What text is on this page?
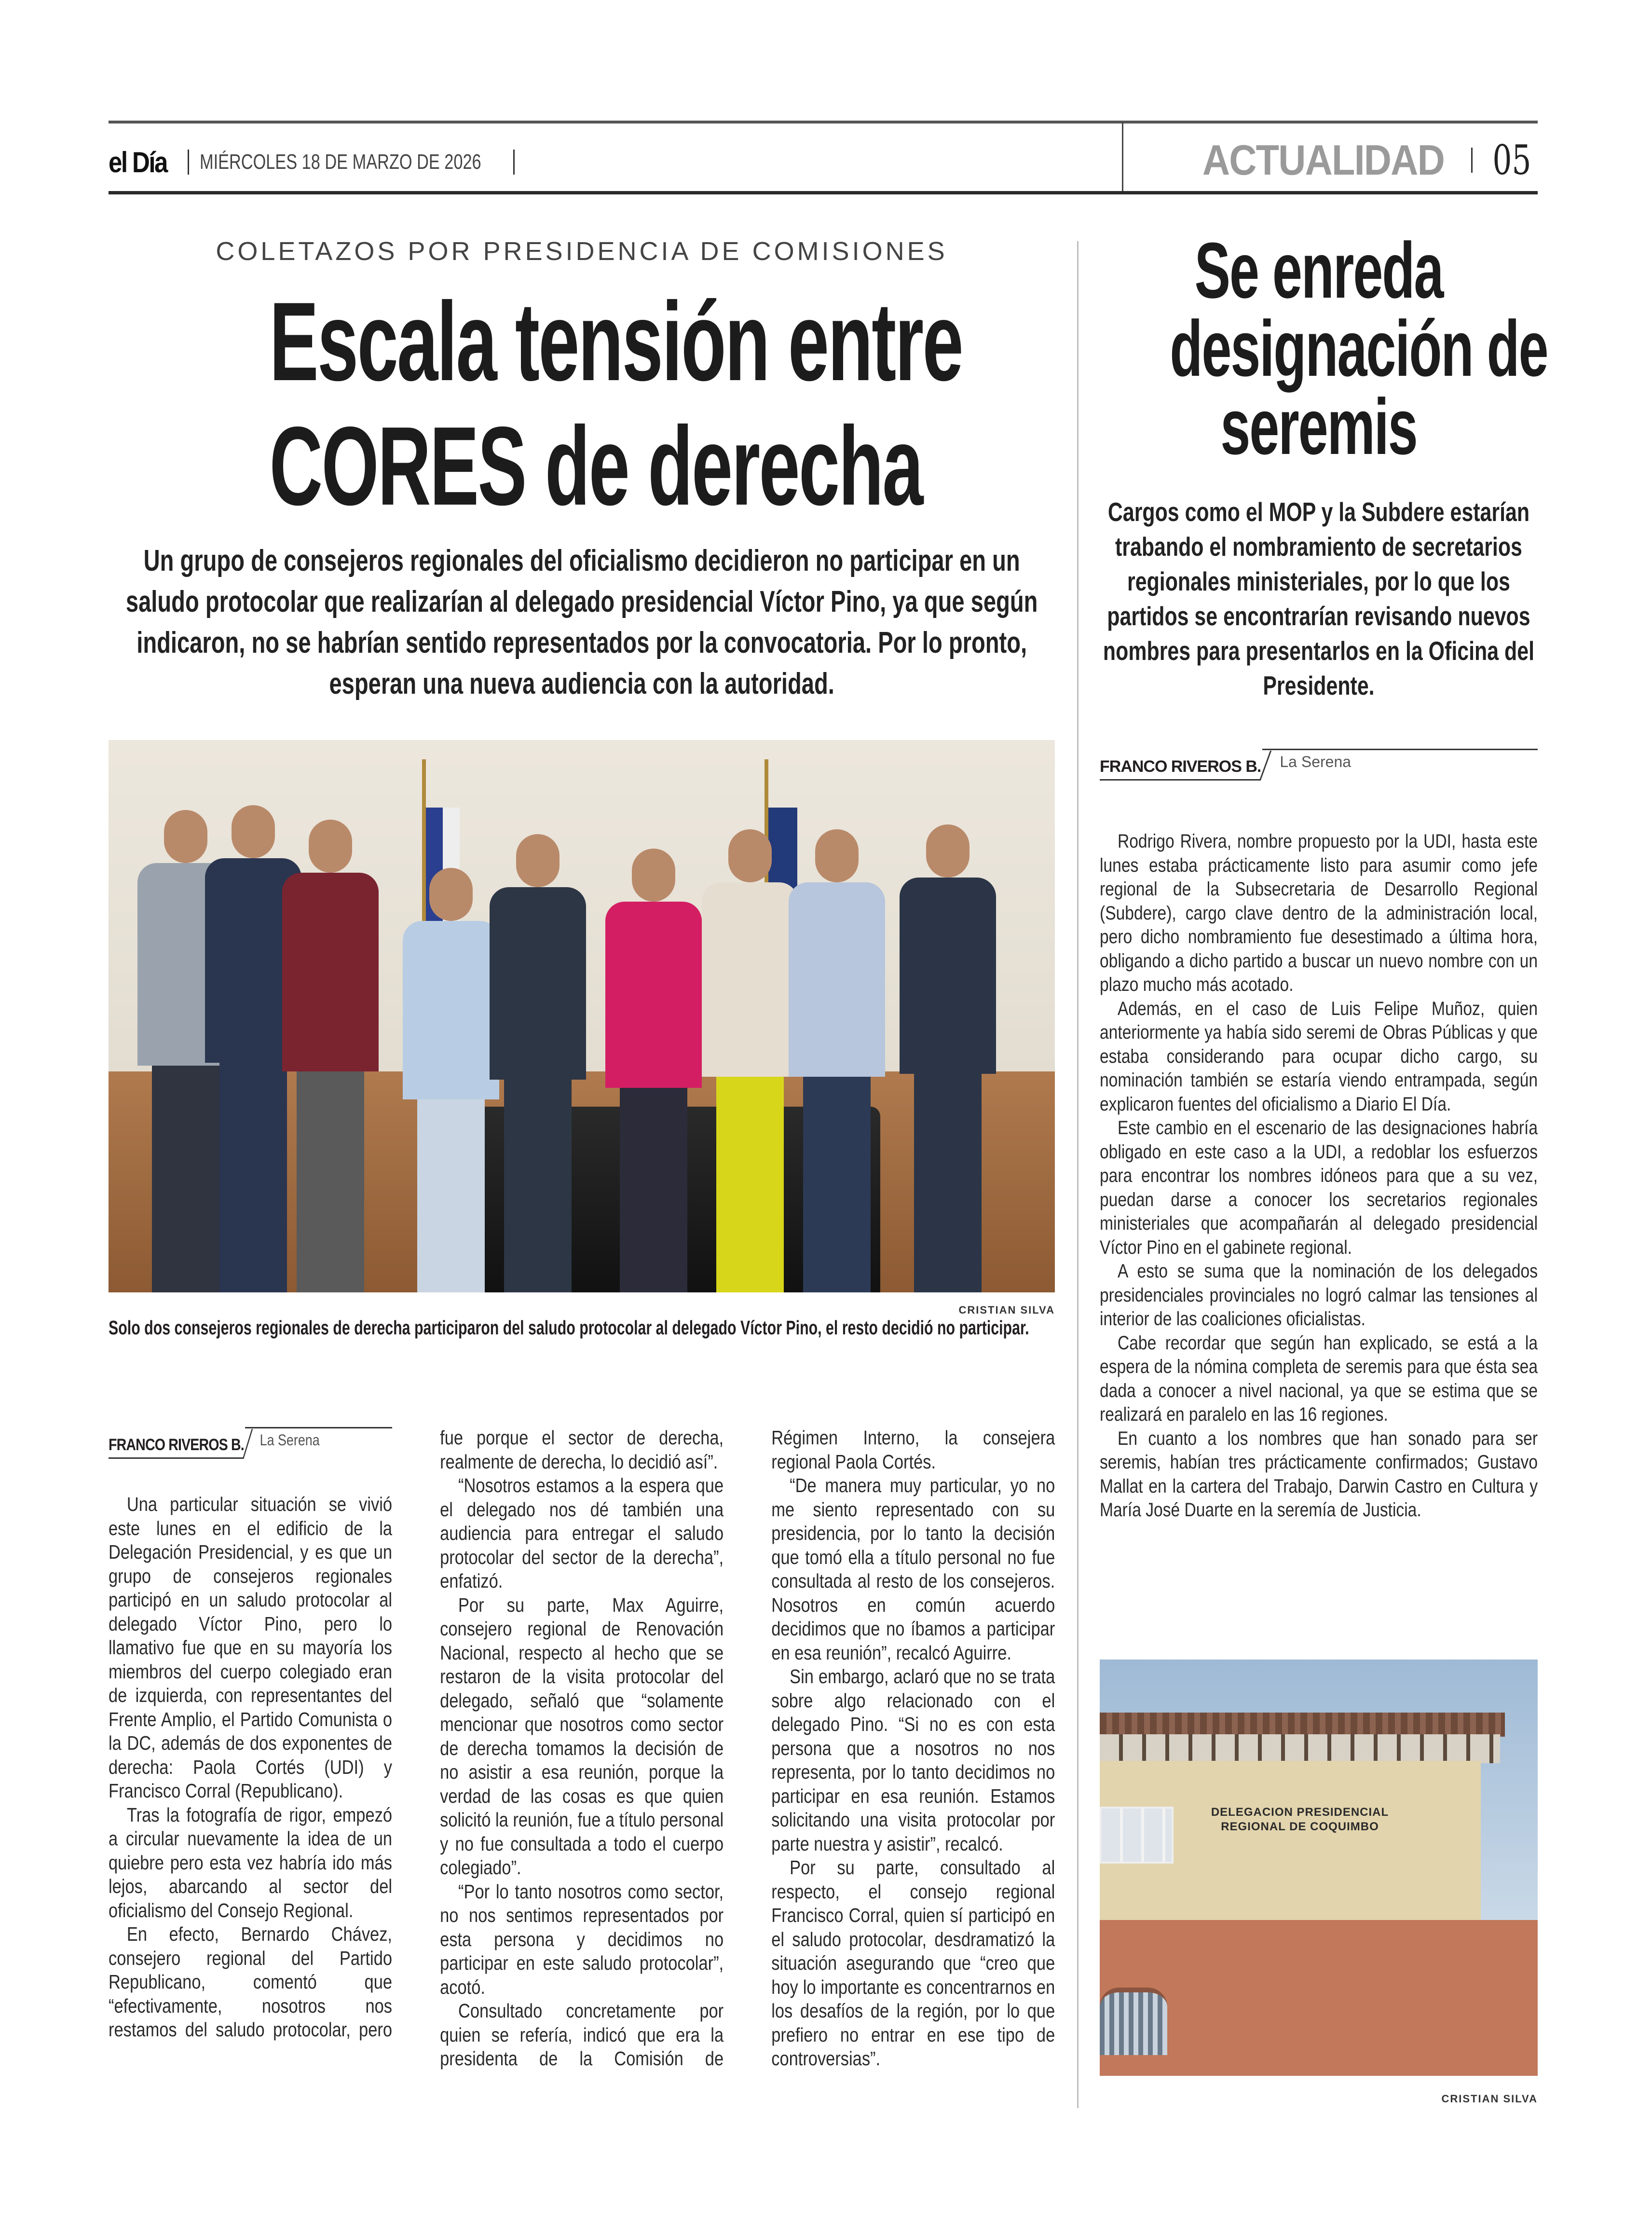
el Día MIÉRCOLES 18 DE MARZO DE 2026	ACTUALIDAD 05
COLETAZOS POR PRESIDENCIA DE COMISIONES
Escala tensión entre
CORES de derecha
Un grupo de consejeros regionales del oficialismo decidieron no participar en un saludo protocolar que realizarían al delegado presidencial Víctor Pino, ya que según indicaron, no se habrían sentido representados por la convocatoria. Por lo pronto, esperan una nueva audiencia con la autoridad.
CRISTIAN SILVA
Solo dos consejeros regionales de derecha participaron del saludo protocolar al delegado Víctor Pino, el resto decidió no participar.
FRANCO RIVEROS B.	La Serena

Una particular situación se vivió este lunes en el edificio de la Delegación Presidencial, y es que un grupo de consejeros regionales participó en un saludo protocolar al delegado Víctor Pino, pero lo llamativo fue que en su mayoría los miembros del cuerpo colegiado eran de izquierda, con representantes del Frente Amplio, el Partido Comunista o la DC, además de dos exponentes de derecha: Paola Cortés (UDI) y Francisco Corral (Republicano).

Tras la fotografía de rigor, empezó a circular nuevamente la idea de un quiebre pero esta vez habría ido más lejos, abarcando al sector del oficialismo del Consejo Regional.

En efecto, Bernardo Chávez, consejero regional del Partido Republicano, comentó que “efectivamente, nosotros nos restamos del saludo protocolar, pero fue porque el sector de derecha, realmente de derecha, lo decidió así”.

“Nosotros estamos a la espera que el delegado nos dé también una audiencia para entregar el saludo protocolar del sector de la derecha”, enfatizó.

Por su parte, Max Aguirre, consejero regional de Renovación Nacional, respecto al hecho que se restaron de la visita protocolar del delegado, señaló que “solamente mencionar que nosotros como sector de derecha tomamos la decisión de no asistir a esa reunión, porque la verdad de las cosas es que quien solicitó la reunión, fue a título personal y no fue consultada a todo el cuerpo colegiado”.

“Por lo tanto nosotros como sector, no nos sentimos representados por esta persona y decidimos no participar en este saludo protocolar”, acotó.

Consultado concretamente por quien se refería, indicó que era la presidenta de la Comisión de Régimen Interno, la consejera regional Paola Cortés.

“De manera muy particular, yo no me siento representado con su presidencia, por lo tanto la decisión que tomó ella a título personal no fue consultada al resto de los consejeros. Nosotros en común acuerdo decidimos que no íbamos a participar en esa reunión”, recalcó Aguirre.

Sin embargo, aclaró que no se trata sobre algo relacionado con el delegado Pino. “Si no es con esta persona que a nosotros no nos representa, por lo tanto decidimos no participar en esa reunión. Estamos solicitando una visita protocolar por parte nuestra y asistir”, recalcó.

Por su parte, consultado al respecto, el consejo regional Francisco Corral, quien sí participó en el saludo protocolar, desdramatizó la situación asegurando que “creo que hoy lo importante es concentrarnos en los desafíos de la región, por lo que prefiero no entrar en ese tipo de controversias”.

Se enreda
designación de
seremis
Cargos como el MOP y la Subdere estarían trabando el nombramiento de secretarios regionales ministeriales, por lo que los partidos se encontrarían revisando nuevos nombres para presentarlos en la Oficina del Presidente.
FRANCO RIVEROS B.	La Serena

Rodrigo Rivera, nombre propuesto por la UDI, hasta este lunes estaba prácticamente listo para asumir como jefe regional de la Subsecretaria de Desarrollo Regional (Subdere), cargo clave dentro de la administración local, pero dicho nombramiento fue desestimado a última hora, obligando a dicho partido a buscar un nuevo nombre con un plazo mucho más acotado.

Además, en el caso de Luis Felipe Muñoz, quien anteriormente ya había sido seremi de Obras Públicas y que estaba considerando para ocupar dicho cargo, su nominación también se estaría viendo entrampada, según explicaron fuentes del oficialismo a Diario El Día.

Este cambio en el escenario de las designaciones habría obligado en este caso a la UDI, a redoblar los esfuerzos para encontrar los nombres idóneos para que a su vez, puedan darse a conocer los secretarios regionales ministeriales que acompañarán al delegado presidencial Víctor Pino en el gabinete regional.

A esto se suma que la nominación de los delegados presidenciales provinciales no logró calmar las tensiones al interior de las coaliciones oficialistas.

Cabe recordar que según han explicado, se está a la espera de la nómina completa de seremis para que ésta sea dada a conocer a nivel nacional, ya que se estima que se realizará en paralelo en las 16 regiones.

En cuanto a los nombres que han sonado para ser seremis, habían tres prácticamente confirmados; Gustavo Mallat en la cartera del Trabajo, Darwin Castro en Cultura y María José Duarte en la seremía de Justicia.

DELEGACION PRESIDENCIAL
REGIONAL DE COQUIMBO
CRISTIAN SILVA
